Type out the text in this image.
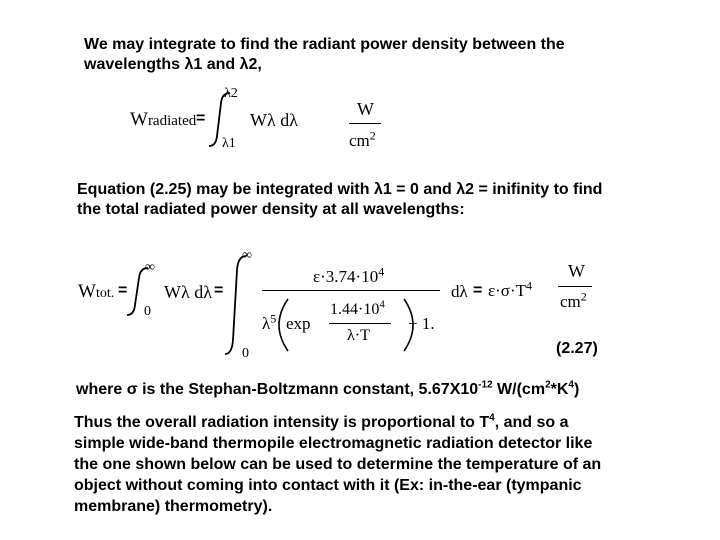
We may integrate to find the radiant power density between the

wavelengths λ1 and λ2,

Wradiated =
λ2
λ1
Wλ dλ
W
$cm^2$

Equation (2.25) may be integrated with λ1 = 0 and λ2 = inifinity to find

the total radiated power density at all wavelengths:

Wtot. =
∞
0
Wλ dλ =
∞
0
$\varepsilon\cdot 3.74\cdot 10^4$
$\lambda^5 \cdot \exp$
$1.44\cdot 10^4$
λ·T
− 1.
$d\lambda = \varepsilon\cdot\sigma\cdot T^4$
W
$cm^2$
(2.27)

where σ is the Stephan-Boltzmann constant, $5.67X10^{-12}$ $W/(cm^2*K^4)$

Thus the overall radiation intensity is proportional to $T^4$, and so a

simple wide-band thermopile electromagnetic radiation detector like

the one shown below can be used to determine the temperature of an

object without coming into contact with it (Ex: in-the-ear (tympanic

membrane) thermometry).
